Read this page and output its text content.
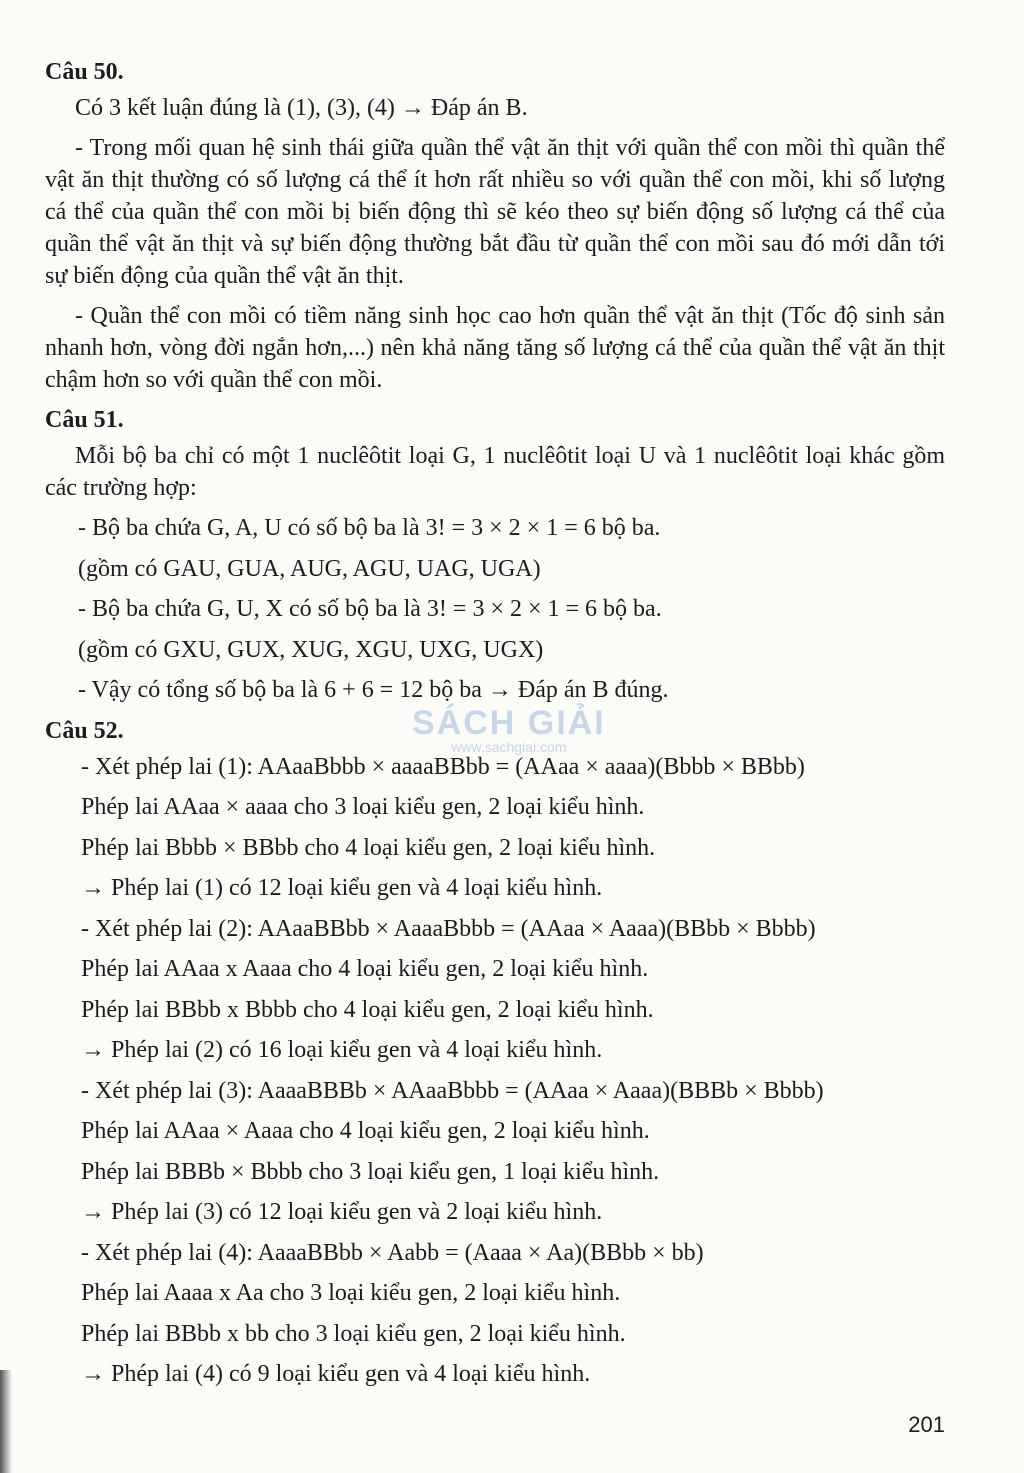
Câu 50.
Có 3 kết luận đúng là (1), (3), (4) → Đáp án B.
- Trong mối quan hệ sinh thái giữa quần thể vật ăn thịt với quần thể con mồi thì quần thể vật ăn thịt thường có số lượng cá thể ít hơn rất nhiều so với quần thể con mồi, khi số lượng cá thể của quần thể con mồi bị biến động thì sẽ kéo theo sự biến động số lượng cá thể của quần thể vật ăn thịt và sự biến động thường bắt đầu từ quần thể con mồi sau đó mới dẫn tới sự biến động của quần thể vật ăn thịt.
- Quần thể con mồi có tiềm năng sinh học cao hơn quần thể vật ăn thịt (Tốc độ sinh sản nhanh hơn, vòng đời ngắn hơn,...) nên khả năng tăng số lượng cá thể của quần thể vật ăn thịt chậm hơn so với quần thể con mồi.
Câu 51.
Mỗi bộ ba chỉ có một 1 nuclêôtit loại G, 1 nuclêôtit loại U và 1 nuclêôtit loại khác gồm các trường hợp:
- Bộ ba chứa G, A, U có số bộ ba là 3! = 3 × 2 × 1 = 6 bộ ba.
(gồm có GAU, GUA, AUG, AGU, UAG, UGA)
- Bộ ba chứa G, U, X có số bộ ba là 3! = 3 × 2 × 1 = 6 bộ ba.
(gồm có GXU, GUX, XUG, XGU, UXG, UGX)
- Vậy có tổng số bộ ba là 6 + 6 = 12 bộ ba → Đáp án B đúng.
Câu 52.
- Xét phép lai (1): AAaaBbbb × aaaaBBbb = (AAaa × aaaa)(Bbbb × BBbb)
Phép lai AAaa × aaaa cho 3 loại kiểu gen, 2 loại kiểu hình.
Phép lai Bbbb × BBbb cho 4 loại kiểu gen, 2 loại kiểu hình.
→ Phép lai (1) có 12 loại kiểu gen và 4 loại kiểu hình.
- Xét phép lai (2): AAaaBBbb × AaaaBbbb = (AAaa × Aaaa)(BBbb × Bbbb)
Phép lai AAaa x Aaaa cho 4 loại kiểu gen, 2 loại kiểu hình.
Phép lai BBbb x Bbbb cho 4 loại kiểu gen, 2 loại kiểu hình.
→ Phép lai (2) có 16 loại kiểu gen và 4 loại kiểu hình.
- Xét phép lai (3): AaaaBBBb × AAaaBbbb = (AAaa × Aaaa)(BBBb × Bbbb)
Phép lai AAaa × Aaaa cho 4 loại kiểu gen, 2 loại kiểu hình.
Phép lai BBBb × Bbbb cho 3 loại kiểu gen, 1 loại kiểu hình.
→ Phép lai (3) có 12 loại kiểu gen và 2 loại kiểu hình.
- Xét phép lai (4): AaaaBBbb × Aabb = (Aaaa × Aa)(BBbb × bb)
Phép lai Aaaa x Aa cho 3 loại kiểu gen, 2 loại kiểu hình.
Phép lai BBbb x bb cho 3 loại kiểu gen, 2 loại kiểu hình.
→ Phép lai (4) có 9 loại kiểu gen và 4 loại kiểu hình.
SÁCH GIẢI
www.sachgiai.com
201
